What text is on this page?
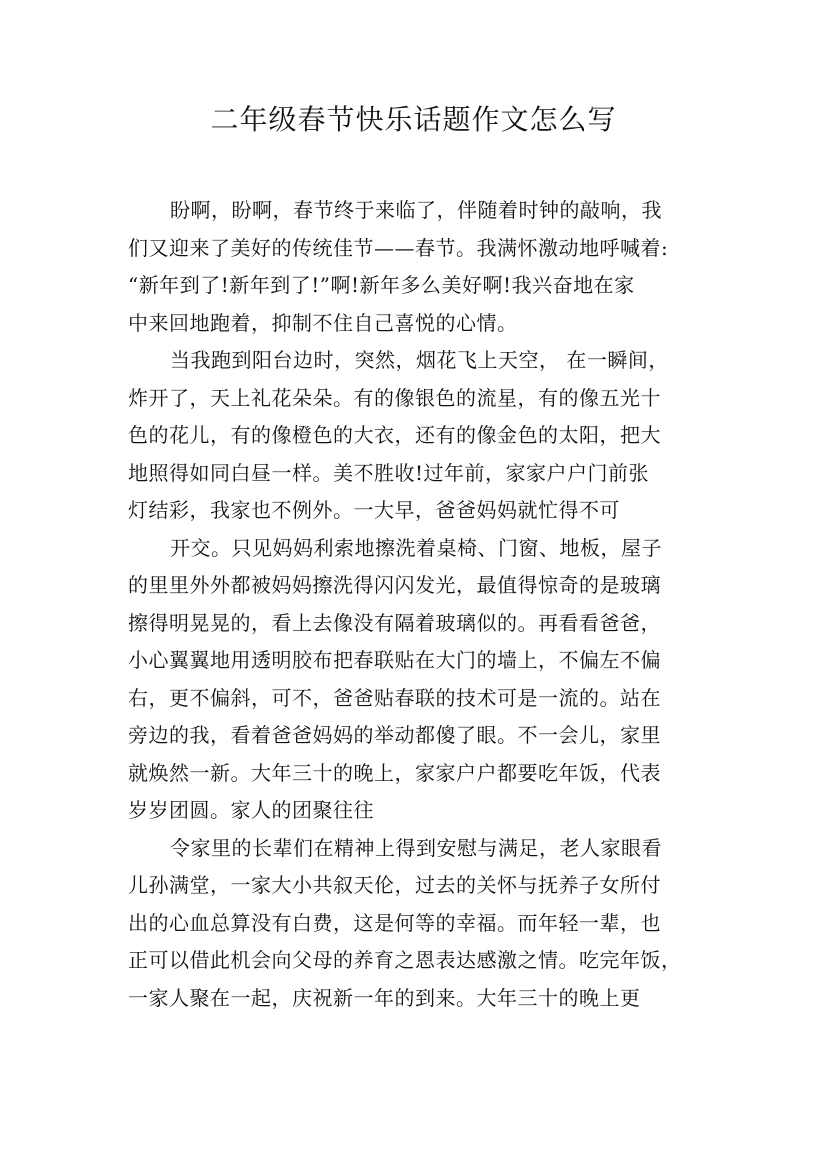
二年级春节快乐话题作文怎么写
盼啊，盼啊，春节终于来临了，伴随着时钟的敲响，我
们又迎来了美好的传统佳节——春节。我满怀激动地呼喊着:
“新年到了!新年到了!”啊!新年多么美好啊!我兴奋地在家
中来回地跑着，抑制不住自己喜悦的心情。
当我跑到阳台边时，突然，烟花飞上天空， 在一瞬间，
炸开了，天上礼花朵朵。有的像银色的流星，有的像五光十
色的花儿，有的像橙色的大衣，还有的像金色的太阳，把大
地照得如同白昼一样。美不胜收!过年前，家家户户门前张
灯结彩，我家也不例外。一大早，爸爸妈妈就忙得不可
开交。只见妈妈利索地擦洗着桌椅、门窗、地板，屋子
的里里外外都被妈妈擦洗得闪闪发光，最值得惊奇的是玻璃
擦得明晃晃的，看上去像没有隔着玻璃似的。再看看爸爸，
小心翼翼地用透明胶布把春联贴在大门的墙上，不偏左不偏
右，更不偏斜，可不，爸爸贴春联的技术可是一流的。站在
旁边的我，看着爸爸妈妈的举动都傻了眼。不一会儿，家里
就焕然一新。大年三十的晚上，家家户户都要吃年饭，代表
岁岁团圆。家人的团聚往往
令家里的长辈们在精神上得到安慰与满足，老人家眼看
儿孙满堂，一家大小共叙天伦，过去的关怀与抚养子女所付
出的心血总算没有白费，这是何等的幸福。而年轻一辈，也
正可以借此机会向父母的养育之恩表达感激之情。吃完年饭，
一家人聚在一起，庆祝新一年的到来。大年三十的晚上更
